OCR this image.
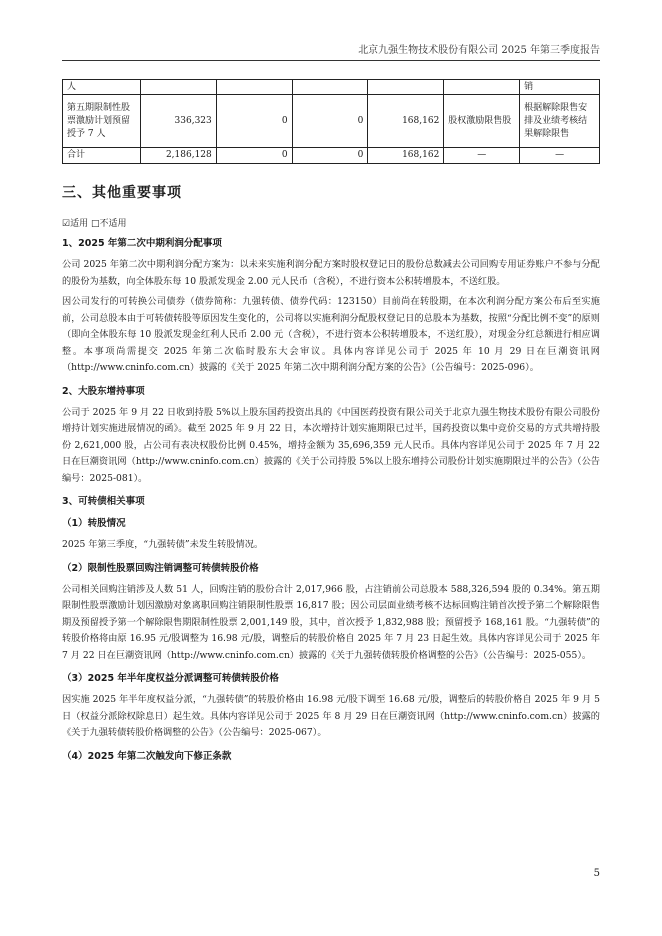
北京九强生物技术股份有限公司 2025 年第三季度报告
人						销
第五期限制性股票激励计划预留授予 7 人	336,323	0	0	168,162	股权激励限售股	根据解除限售安排及业绩考核结果解除限售
合计	2,186,128	0	0	168,162	—	—
三、其他重要事项
☑适用 □不适用
1、2025 年第二次中期利润分配事项
公司 2025 年第二次中期利润分配方案为：以未来实施利润分配方案时股权登记日的股份总数减去公司回购专用证券账户不参与分配的股份为基数，向全体股东每 10 股派发现金 2.00 元人民币（含税），不进行资本公积转增股本，不送红股。
因公司发行的可转换公司债券（债券简称：九强转债、债券代码：123150）目前尚在转股期，在本次利润分配方案公布后至实施前，公司总股本由于可转债转股等原因发生变化的，公司将以实施利润分配股权登记日的总股本为基数，按照“分配比例不变”的原则（即向全体股东每 10 股派发现金红利人民币 2.00 元（含税），不进行资本公积转增股本，不送红股），对现金分红总额进行相应调整。本事项尚需提交 2025 年第二次临时股东大会审议。具体内容详见公司于 2025 年 10 月 29 日在巨潮资讯网（http://www.cninfo.com.cn）披露的《关于 2025 年第二次中期利润分配方案的公告》（公告编号：2025-096）。
2、大股东增持事项
公司于 2025 年 9 月 22 日收到持股 5%以上股东国药投资出具的《中国医药投资有限公司关于北京九强生物技术股份有限公司股份增持计划实施进展情况的函》。截至 2025 年 9 月 22 日，本次增持计划实施期限已过半，国药投资以集中竞价交易的方式共增持股份 2,621,000 股，占公司有表决权股份比例 0.45%，增持金额为 35,696,359 元人民币。具体内容详见公司于 2025 年 7 月 22 日在巨潮资讯网（http://www.cninfo.com.cn）披露的《关于公司持股 5%以上股东增持公司股份计划实施期限过半的公告》（公告编号：2025-081）。
3、可转债相关事项
（1）转股情况
2025 年第三季度，“九强转债”未发生转股情况。
（2）限制性股票回购注销调整可转债转股价格
公司相关回购注销涉及人数 51 人，回购注销的股份合计 2,017,966 股，占注销前公司总股本 588,326,594 股的 0.34%。第五期限制性股票激励计划因激励对象离职回购注销限制性股票 16,817 股；因公司层面业绩考核不达标回购注销首次授予第二个解除限售期及预留授予第一个解除限售期限制性股票 2,001,149 股，其中，首次授予 1,832,988 股；预留授予 168,161 股。“九强转债”的转股价格将由原 16.95 元/股调整为 16.98 元/股，调整后的转股价格自 2025 年 7 月 23 日起生效。具体内容详见公司于 2025 年 7 月 22 日在巨潮资讯网（http://www.cninfo.com.cn）披露的《关于九强转债转股价格调整的公告》（公告编号：2025-055）。
（3）2025 年半年度权益分派调整可转债转股价格
因实施 2025 年半年度权益分派，“九强转债”的转股价格由 16.98 元/股下调至 16.68 元/股，调整后的转股价格自 2025 年 9 月 5 日（权益分派除权除息日）起生效。具体内容详见公司于 2025 年 8 月 29 日在巨潮资讯网（http://www.cninfo.com.cn）披露的《关于九强转债转股价格调整的公告》（公告编号：2025-067）。
（4）2025 年第二次触发向下修正条款
5
